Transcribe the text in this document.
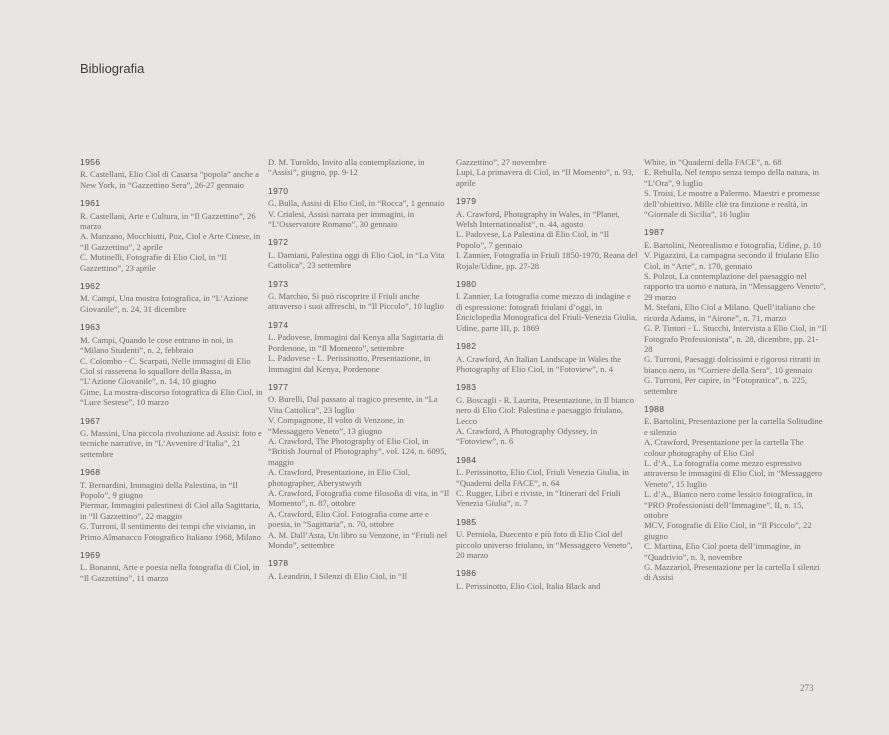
Bibliografia
1956
R. Castellani, Elio Ciol di Casarsa “popola” anche a New York, in “Gazzettino Sera”, 26-27 gennaio
1961
R. Castellani, Arte e Cultura, in “Il Gazzettino”, 26 marzo
A. Manzano, Mocchiutti, Poz, Ciol e Arte Cinese, in “Il Gazzettino”, 2 aprile
C. Mutinelli, Fotografie di Elio Ciol, in “Il Gazzettino”, 23 aprile
1962
M. Campi, Una mostra fotografica, in “L’Azione Giovanile”, n. 24, 31 dicembre
1963
M. Campi, Quando le cose entrano in noi, in “Milano Studenti”, n. 2, febbraio
C. Colombo - C. Scarpati, Nelle immagini di Elio Ciol si rasserena lo squallore della Bassa, in “L’Azione Giovanile”, n. 14, 10 giugno
Gime, La mostra-discorso fotografica di Elio Ciol, in “Luce Sestese”, 10 marzo
1967
G. Massini, Una piccola rivoluzione ad Assisi: foto e tecniche narrative, in “L’Avvenire d’Italia”, 21 settembre
1968
T. Bernardini, Immagini della Palestina, in “Il Popolo”, 9 giugno
Piermar, Immagini palestinesi di Ciol alla Sagittaria, in “Il Gazzettino”, 22 maggio
G. Turroni, Il sentimento dei tempi che viviamo, in Primo Almanacco Fotografico Italiano 1968, Milano
1969
L. Bonanni, Arte e poesia nella fotografia di Ciol, in “Il Gazzettino”, 11 marzo
D. M. Turoldo, Invito alla contemplazione, in “Assisi”, giugno, pp. 9-12
1970
G. Bulla, Assisi di Elio Ciol, in “Rocca”, 1 gennaio
V. Crialesi, Assisi narrata per immagini, in “L’Osservatore Romano”, 30 gennaio
1972
L. Damiani, Palestina oggi di Elio Ciol, in “La Vita Cattolica”, 23 settembre
1973
G. Marchio, Si può riscoprire il Friuli anche attraverso i suoi affreschi, in “Il Piccolo”, 10 luglio
1974
L. Padovese, Immagini dal Kenya alla Sagittaria di Pordenone, in “Il Momento”, settembre
L. Padovese - L. Perissinotto, Presentazione, in Immagini dal Kenya, Pordenone
1977
O. Burelli, Dal passato al tragico presente, in “La Vita Cattolica”, 23 luglio
V. Compagnone, Il volto di Venzone, in “Messaggero Veneto”, 13 giugno
A. Crawford, The Photography of Elio Ciol, in “British Journal of Photography”, vol. 124, n. 6095, maggio
A. Crawford, Presentazione, in Elio Ciol, photographer, Aberystwyth
A. Crawford, Fotografia come filosofia di vita, in “Il Momento”, n. 87, ottobre
A. Crawford, Elio Ciol. Fotografia come arte e poesia, in “Sagittaria”, n. 70, ottobre
A. M. Dall’Asta, Un libro su Venzone, in “Friuli nel Mondo”, settembre
1978
A. Leandrin, I Silenzi di Elio Ciol, in “Il
Gazzettino”, 27 novembre
Lupi, La primavera di Ciol, in “Il Momento”, n. 93, aprile
1979
A. Crawford, Photography in Wales, in “Planet, Welsh Internationalist”, n. 44, agosto
L. Padovese, La Palestina di Elio Ciol, in “Il Popolo”, 7 gennaio
I. Zannier, Fotografia in Friuli 1850-1970, Reana del Rojale/Udine, pp. 27-28
1980
I. Zannier, La fotografia come mezzo di indagine e di espressione: fotografi friulani d’oggi, in Enciclopedia Monografica del Friuli-Venezia Giulia, Udine, parte III, p. 1869
1982
A. Crawford, An Italian Landscape in Wales the Photography of Elio Ciol, in “Fotoview”, n. 4
1983
G. Boscagli - R. Laurita, Presentazione, in Il bianco nero di Elio Ciol: Palestina e paesaggio friulano, Lecco
A. Crawford, A Photography Odyssey, in “Fotoview”, n. 6
1984
L. Perissinotto, Elio Ciol, Friuli Venezia Giulia, in “Quaderni della FACE”, n. 64
C. Rugger, Libri e riviste, in “Itinerari del Friuli Venezia Giulia”, n. 7
1985
U. Perniola, Duecento e più foto di Elio Ciol del piccolo universo friulano, in “Messaggero Veneto”, 20 marzo
1986
L. Perissinotto, Elio Ciol, Italia Black and
White, in “Quaderni della FACE”, n. 68
E. Rebulla, Nel tempo senza tempo della natura, in “L’Ora”, 9 luglio
S. Troisi, Le mostre a Palermo. Maestri e promesse dell’obiettivo. Mille cliè tra finzione e realtà, in “Giornale di Sicilia”, 16 luglio
1987
E. Bartolini, Neorealismo e fotografia, Udine, p. 10
V. Pigazzini, La campagna secondo il friulano Elio Ciol, in “Arte”, n. 170, gennaio
S. Polzot, La contemplazione del paesaggio nel rapporto tra uomo e natura, in “Messaggero Veneto”, 29 marzo
M. Stefani, Elio Ciol a Milano. Quell’italiano che ricorda Adams, in “Airone”, n. 71, marzo
G. P. Tintori - L. Stucchi, Intervista a Elio Ciol, in “Il Fotografo Professionista”, n. 28, dicembre, pp. 21-28
G. Turroni, Paesaggi dolcissimi e rigorosi ritratti in bianco nero, in “Corriere della Sera”, 10 gennaio
G. Turroni, Per capire, in “Fotopratica”, n. 225, settembre
1988
E. Bartolini, Presentazione per la cartella Solitudine e silenzio
A. Crawford, Presentazione per la cartella The colour photography of Elio Ciol
L. d’A., La fotografia come mezzo espressivo attraverso le immagini di Elio Ciol, in “Messaggero Veneto”, 15 luglio
L. d’A., Bianco nero come lessico fotografico, in “PRO Professionisti dell’Immagine”, II, n. 15, ottobre
MCV, Fotografie di Elio Ciol, in “Il Piccolo”, 22 giugno
C. Martina, Elio Ciol poeta dell’immagine, in “Quadrivio”, n. 3, novembre
G. Mazzariol, Presentazione per la cartella I silenzi di Assisi
273
